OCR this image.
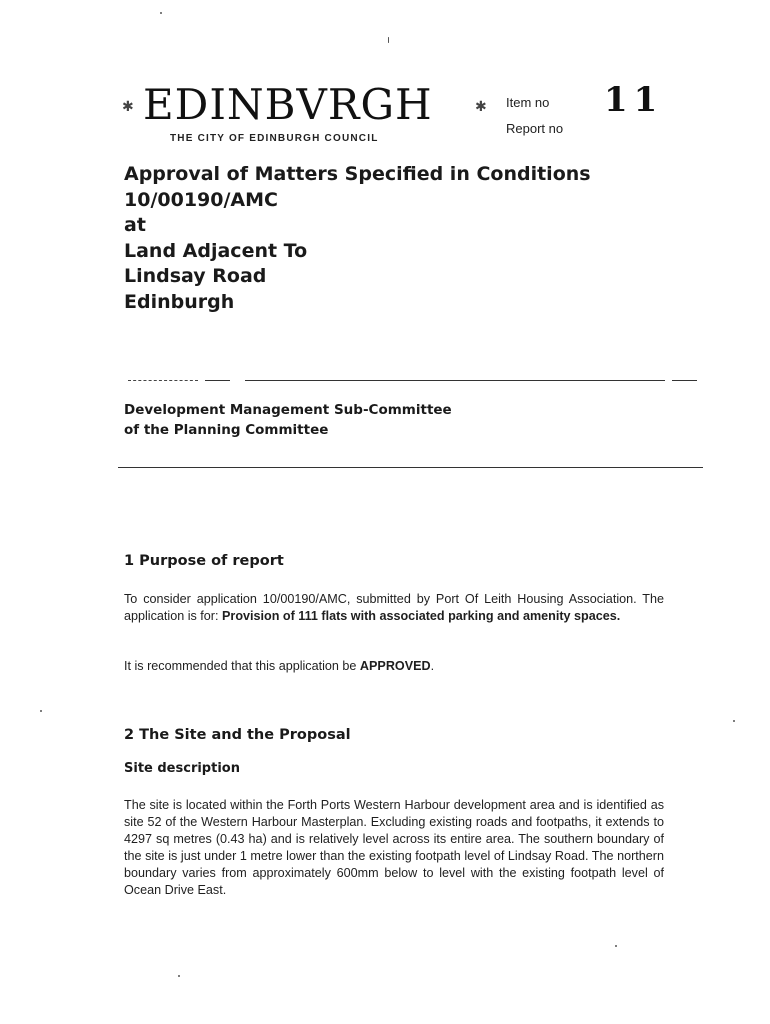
✱ EDINBVRGH	✱
THE CITY OF EDINBURGH COUNCIL
Item no
Report no
11
Approval of Matters Specified in Conditions
10/00190/AMC
at
Land Adjacent To
Lindsay Road
Edinburgh
Development Management Sub-Committee
of the Planning Committee
1 Purpose of report
To consider application 10/00190/AMC, submitted by Port Of Leith Housing Association. The application is for: Provision of 111 flats with associated parking and amenity spaces.
It is recommended that this application be APPROVED.
2 The Site and the Proposal
Site description
The site is located within the Forth Ports Western Harbour development area and is identified as site 52 of the Western Harbour Masterplan. Excluding existing roads and footpaths, it extends to 4297 sq metres (0.43 ha) and is relatively level across its entire area. The southern boundary of the site is just under 1 metre lower than the existing footpath level of Lindsay Road. The northern boundary varies from approximately 600mm below to level with the existing footpath level of Ocean Drive East.
